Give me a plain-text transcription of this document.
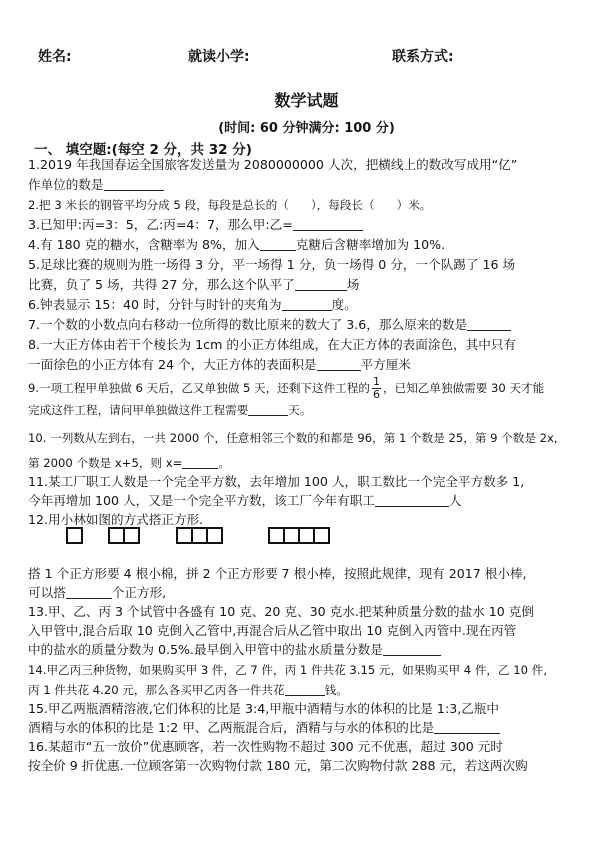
姓名:	就读小学:	联系方式:
数学试题
(时间: 60 分钟满分: 100 分)
一、 填空题:(每空 2 分，共 32 分)
1.2019 年我国春运全国旅客发送量为 2080000000 人次，把横线上的数改写成用“亿”
作单位的数是
2.把 3 米长的钢管平均分成 5 段，每段是总长的（ ），每段长（ ）米。
3.已知甲:丙=3：5，乙:丙=4：7，那么甲:乙=
4.有 180 克的糖水，含糖率为 8%，加入	克糖后含糖率增加为 10%.
5.足球比赛的规则为胜一场得 3 分，平一场得 1 分，负一场得 0 分，一个队踢了 16 场
比赛，负了 5 场，共得 27 分，那么这个队平了	场
6.钟表显示 15：40 时，分针与时针的夹角为	度。
7.一个数的小数点向右移动一位所得的数比原来的数大了 3.6，那么原来的数是
8.一大正方体由若干个棱长为 1cm 的小正方体组成，在大正方体的表面涂色，其中只有
一面徐色的小正方体有 24 个，大正方体的表面积是	平方厘米
9.一项工程甲单独做 6 天后，乙又单独做 5 天，还剩下这件工程的 $\frac{1}{6}$ ，已知乙单独做需要 30 天才能
完成这件工程，请问甲单独做这件工程需要	天。
10. 一列数从左到右，一共 2000 个，任意相邻三个数的和都是 96，第 1 个数是 25，第 9 个数是 2x,
第 2000 个数是 x+5，则 x=	。
11.某工厂职工人数是一个完全平方数，去年增加 100 人，职工数比一个完全平方数多 1,
今年再增加 100 人，又是一个完全平方数，该工厂今年有职工	人
12.用小林如图的方式搭正方形.
搭 1 个正方形要 4 根小棉，拼 2 个正方形要 7 根小棒，按照此规律，现有 2017 根小棒,
可以搭	个正方形,
13.甲、乙、丙 3 个试管中各盛有 10 克、20 克、30 克水.把某种质量分数的盐水 10 克倒
入甲管中,混合后取 10 克倒入乙管中,再混合后从乙管中取出 10 克倒入丙管中.现在丙管
中的盐水的质量分数为 0.5%.最早倒入甲管中的盐水质量分数是
14.甲乙丙三种货物，如果购买甲 3 件，乙 7 件，丙 1 件共花 3.15 元，如果购买甲 4 件，乙 10 件,
丙 1 件共花 4.20 元，那么各买甲乙丙各一件共花	钱。
15.甲乙两瓶酒精溶液,它们体积的比是 3:4,甲瓶中酒精与水的体积的比是 1:3,乙瓶中
酒精与水的体积的比是 1:2 甲、乙两瓶混合后，酒精与与水的体积的比是
16.某超市“五一放价”优惠顾客，若一次性购物不超过 300 元不优惠，超过 300 元时
按全价 9 折优惠.一位顾客第一次购物付款 180 元，第二次购物付款 288 元，若这两次购
